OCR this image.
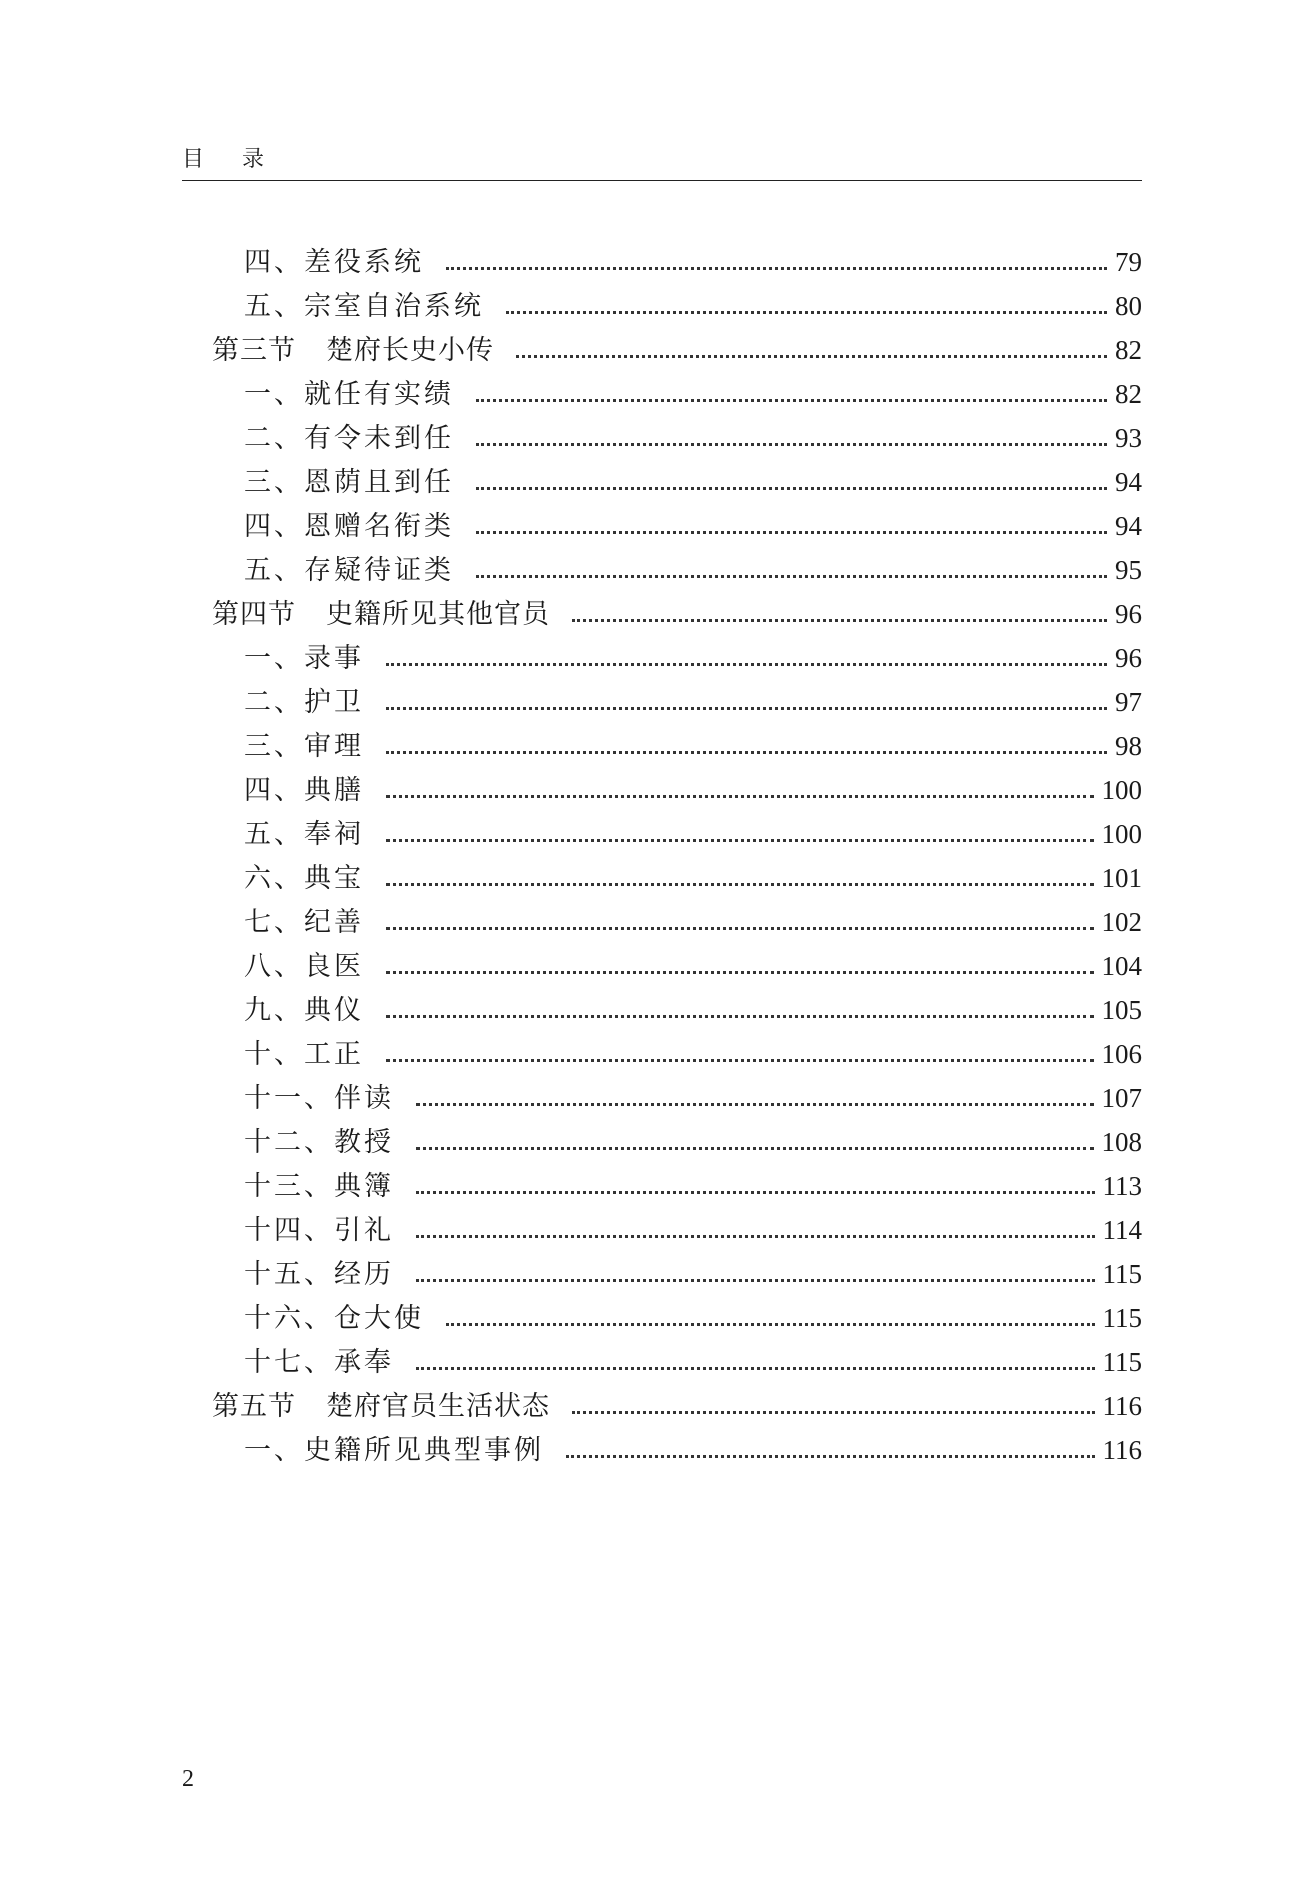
目录
四、差役系统	79
五、宗室自治系统	80
第三节 楚府长史小传	82
一、就任有实绩	82
二、有令未到任	93
三、恩荫且到任	94
四、恩赠名衔类	94
五、存疑待证类	95
第四节 史籍所见其他官员	96
一、录事	96
二、护卫	97
三、审理	98
四、典膳	100
五、奉祠	100
六、典宝	101
七、纪善	102
八、良医	104
九、典仪	105
十、工正	106
十一、伴读	107
十二、教授	108
十三、典簿	113
十四、引礼	114
十五、经历	115
十六、仓大使	115
十七、承奉	115
第五节 楚府官员生活状态	116
一、史籍所见典型事例	116
2
